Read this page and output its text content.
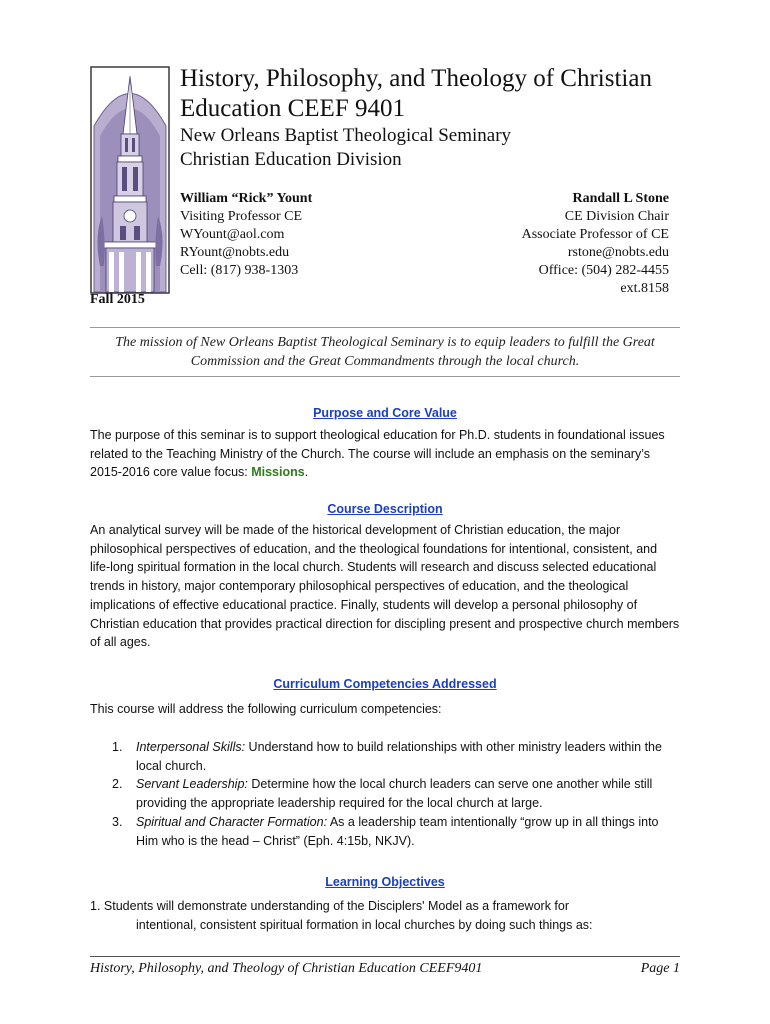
History, Philosophy, and Theology of Christian Education CEEF 9401
New Orleans Baptist Theological Seminary
Christian Education Division
William “Rick” Yount
Visiting Professor CE
WYount@aol.com
RYount@nobts.edu
Cell: (817) 938-1303
Randall L Stone
CE Division Chair
Associate Professor of CE
rstone@nobts.edu
Office: (504) 282-4455
ext.8158
Fall 2015
The mission of New Orleans Baptist Theological Seminary is to equip leaders to fulfill the Great Commission and the Great Commandments through the local church.
Purpose and Core Value
The purpose of this seminar is to support theological education for Ph.D. students in foundational issues related to the Teaching Ministry of the Church. The course will include an emphasis on the seminary’s 2015-2016 core value focus: Missions.
Course Description
An analytical survey will be made of the historical development of Christian education, the major philosophical perspectives of education, and the theological foundations for intentional, consistent, and life-long spiritual formation in the local church. Students will research and discuss selected educational trends in history, major contemporary philosophical perspectives of education, and the theological implications of effective educational practice. Finally, students will develop a personal philosophy of Christian education that provides practical direction for discipling present and prospective church members of all ages.
Curriculum Competencies Addressed
This course will address the following curriculum competencies:
1. Interpersonal Skills: Understand how to build relationships with other ministry leaders within the local church.
2. Servant Leadership: Determine how the local church leaders can serve one another while still providing the appropriate leadership required for the local church at large.
3. Spiritual and Character Formation: As a leadership team intentionally “grow up in all things into Him who is the head – Christ” (Eph. 4:15b, NKJV).
Learning Objectives
1. Students will demonstrate understanding of the Disciplers' Model as a framework for
intentional, consistent spiritual formation in local churches by doing such things as:
History, Philosophy, and Theology of Christian Education CEEF9401	Page 1
